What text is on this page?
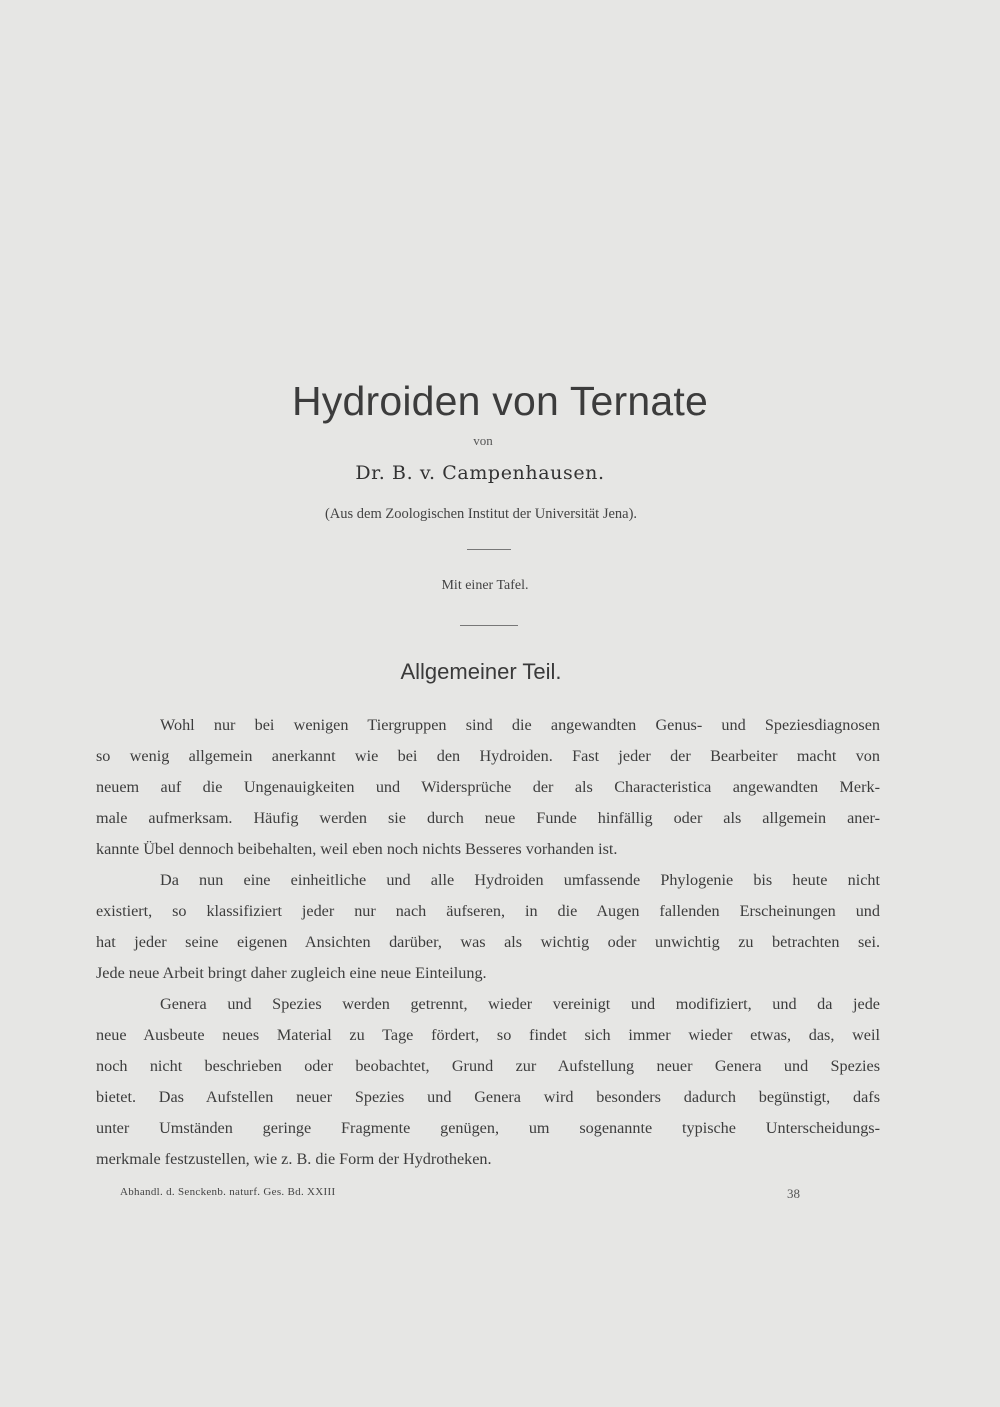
Hydroiden von Ternate
von
Dr. B. v. Campenhausen.
(Aus dem Zoologischen Institut der Universität Jena).
Mit einer Tafel.
Allgemeiner Teil.
Wohl nur bei wenigen Tiergruppen sind die angewandten Genus- und Speziesdiagnosen
so wenig allgemein anerkannt wie bei den Hydroiden. Fast jeder der Bearbeiter macht von
neuem auf die Ungenauigkeiten und Widersprüche der als Characteristica angewandten Merk-
male aufmerksam. Häufig werden sie durch neue Funde hinfällig oder als allgemein aner-
kannte Übel dennoch beibehalten, weil eben noch nichts Besseres vorhanden ist.
Da nun eine einheitliche und alle Hydroiden umfassende Phylogenie bis heute nicht
existiert, so klassifiziert jeder nur nach äufseren, in die Augen fallenden Erscheinungen und
hat jeder seine eigenen Ansichten darüber, was als wichtig oder unwichtig zu betrachten sei.
Jede neue Arbeit bringt daher zugleich eine neue Einteilung.
Genera und Spezies werden getrennt, wieder vereinigt und modifiziert, und da jede
neue Ausbeute neues Material zu Tage fördert, so findet sich immer wieder etwas, das, weil
noch nicht beschrieben oder beobachtet, Grund zur Aufstellung neuer Genera und Spezies
bietet. Das Aufstellen neuer Spezies und Genera wird besonders dadurch begünstigt, dafs
unter Umständen geringe Fragmente genügen, um sogenannte typische Unterscheidungs-
merkmale festzustellen, wie z. B. die Form der Hydrotheken.
Abhandl. d. Senckenb. naturf. Ges. Bd. XXIII	38
